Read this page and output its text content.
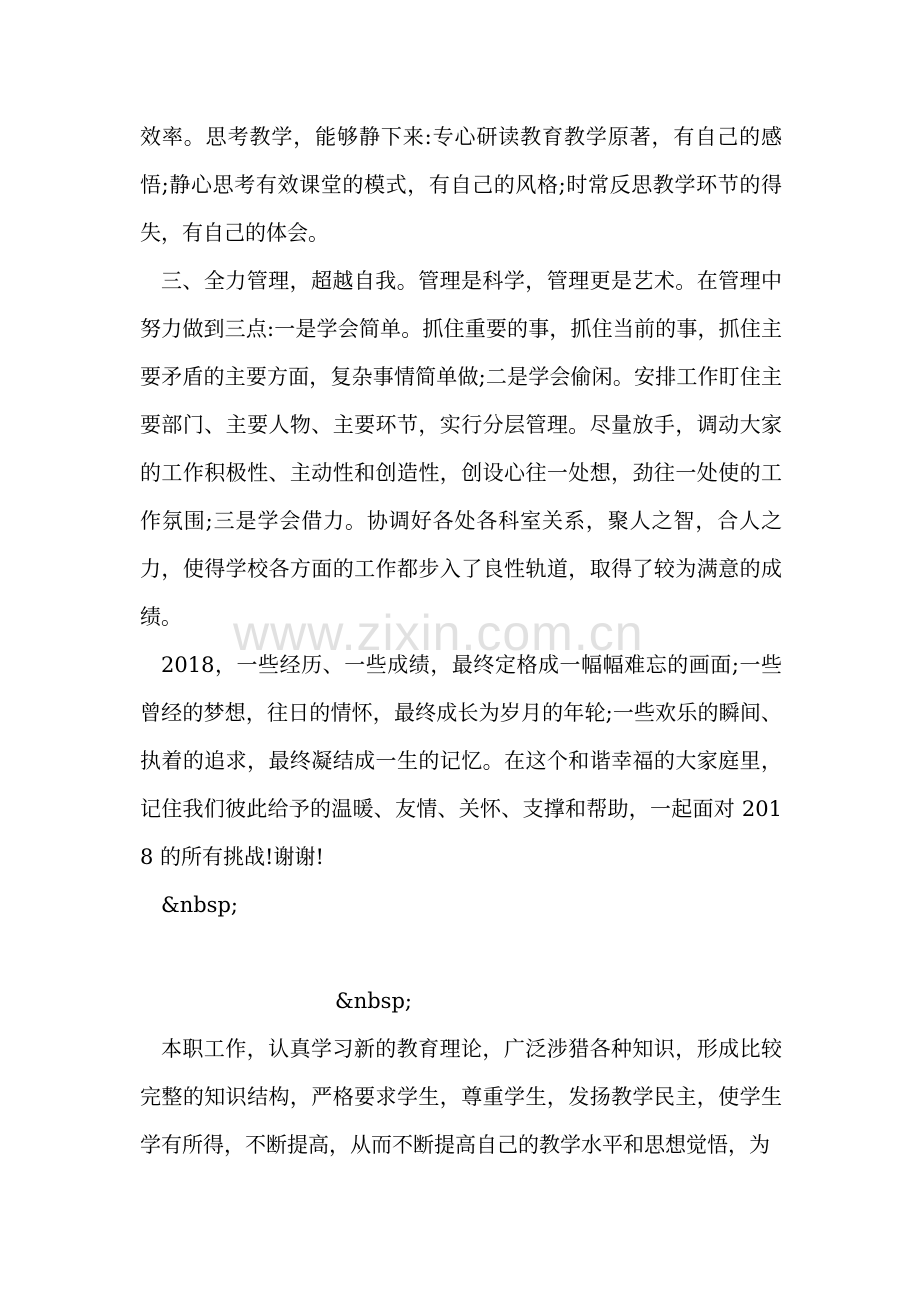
效率。思考教学，能够静下来:专心研读教育教学原著，有自己的感悟;静心思考有效课堂的模式，有自己的风格;时常反思教学环节的得失，有自己的体会。

三、全力管理，超越自我。管理是科学，管理更是艺术。在管理中努力做到三点:一是学会简单。抓住重要的事，抓住当前的事，抓住主要矛盾的主要方面，复杂事情简单做;二是学会偷闲。安排工作盯住主要部门、主要人物、主要环节，实行分层管理。尽量放手，调动大家的工作积极性、主动性和创造性，创设心往一处想，劲往一处使的工作氛围;三是学会借力。协调好各处各科室关系，聚人之智，合人之力，使得学校各方面的工作都步入了良性轨道，取得了较为满意的成绩。

2018，一些经历、一些成绩，最终定格成一幅幅难忘的画面;一些曾经的梦想，往日的情怀，最终成长为岁月的年轮;一些欢乐的瞬间、执着的追求，最终凝结成一生的记忆。在这个和谐幸福的大家庭里，记住我们彼此给予的温暖、友情、关怀、支撑和帮助，一起面对 2018 的所有挑战!谢谢!

&nbsp;

&nbsp;

本职工作，认真学习新的教育理论，广泛涉猎各种知识，形成比较完整的知识结构，严格要求学生，尊重学生，发扬教学民主，使学生学有所得，不断提高，从而不断提高自己的教学水平和思想觉悟，为

www.zixin.com.cn
